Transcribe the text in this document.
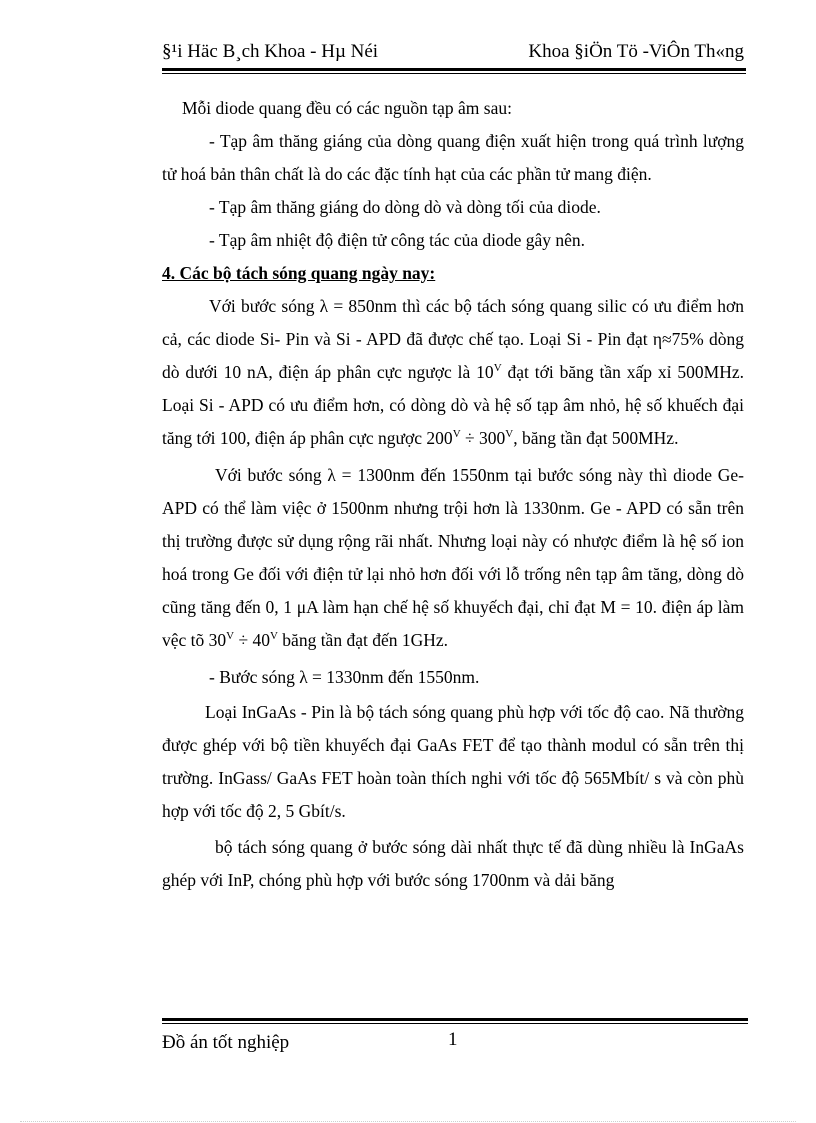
§¹i Häc B¸ch Khoa - Hµ Néi	Khoa §iÖn Tö -ViÔn Th«ng

Mỗi diode quang đều có các nguồn tạp âm sau:

- Tạp âm thăng giáng của dòng quang điện xuất hiện trong quá trình lượng tử hoá bản thân chất là do các đặc tính hạt của các phần tử mang điện.

- Tạp âm thăng giáng do dòng dò và dòng tối của diode.

- Tạp âm nhiệt độ điện tử công tác của diode gây nên.

4. Các bộ tách sóng quang ngày nay:

Với bước sóng λ = 850nm thì các bộ tách sóng quang silic có ưu điểm hơn cả, các diode Si- Pin và Si - APD đã được chế tạo. Loại Si - Pin đạt η≈75% dòng dò dưới 10 nA, điện áp phân cực ngược là $10^V$ đạt tới băng tần xấp xỉ 500MHz. Loại Si - APD có ưu điểm hơn, có dòng dò và hệ số tạp âm nhỏ, hệ số khuếch đại tăng tới 100, điện áp phân cực ngược $200^V \div 300^V$, băng tần đạt 500MHz.

Với bước sóng λ = 1300nm đến 1550nm tại bước sóng này thì diode Ge- APD có thể làm việc ở 1500nm nhưng trội hơn là 1330nm. Ge - APD có sẵn trên thị trường được sử dụng rộng rãi nhất. Nhưng loại này có nhược điểm là hệ số ion hoá trong Ge đối với điện tử lại nhỏ hơn đối với lỗ trống nên tạp âm tăng, dòng dò cũng tăng đến 0, 1 μA làm hạn chế hệ số khuyếch đại, chỉ đạt M = 10. điện áp làm vệc tõ $30^V \div 40^V$ băng tần đạt đến 1GHz.

- Bước sóng λ = 1330nm đến 1550nm.

Loại InGaAs - Pin là bộ tách sóng quang phù hợp với tốc độ cao. Nã thường được ghép với bộ tiền khuyếch đại GaAs FET để tạo thành modul có sẵn trên thị trường. InGass/ GaAs FET hoàn toàn thích nghi với tốc độ 565Mbít/ s và còn phù hợp với tốc độ 2, 5 Gbít/s.

bộ tách sóng quang ở bước sóng dài nhất thực tế đã dùng nhiều là InGaAs ghép với InP, chóng phù hợp với bước sóng 1700nm và dải băng

Đồ án tốt nghiệp	1
